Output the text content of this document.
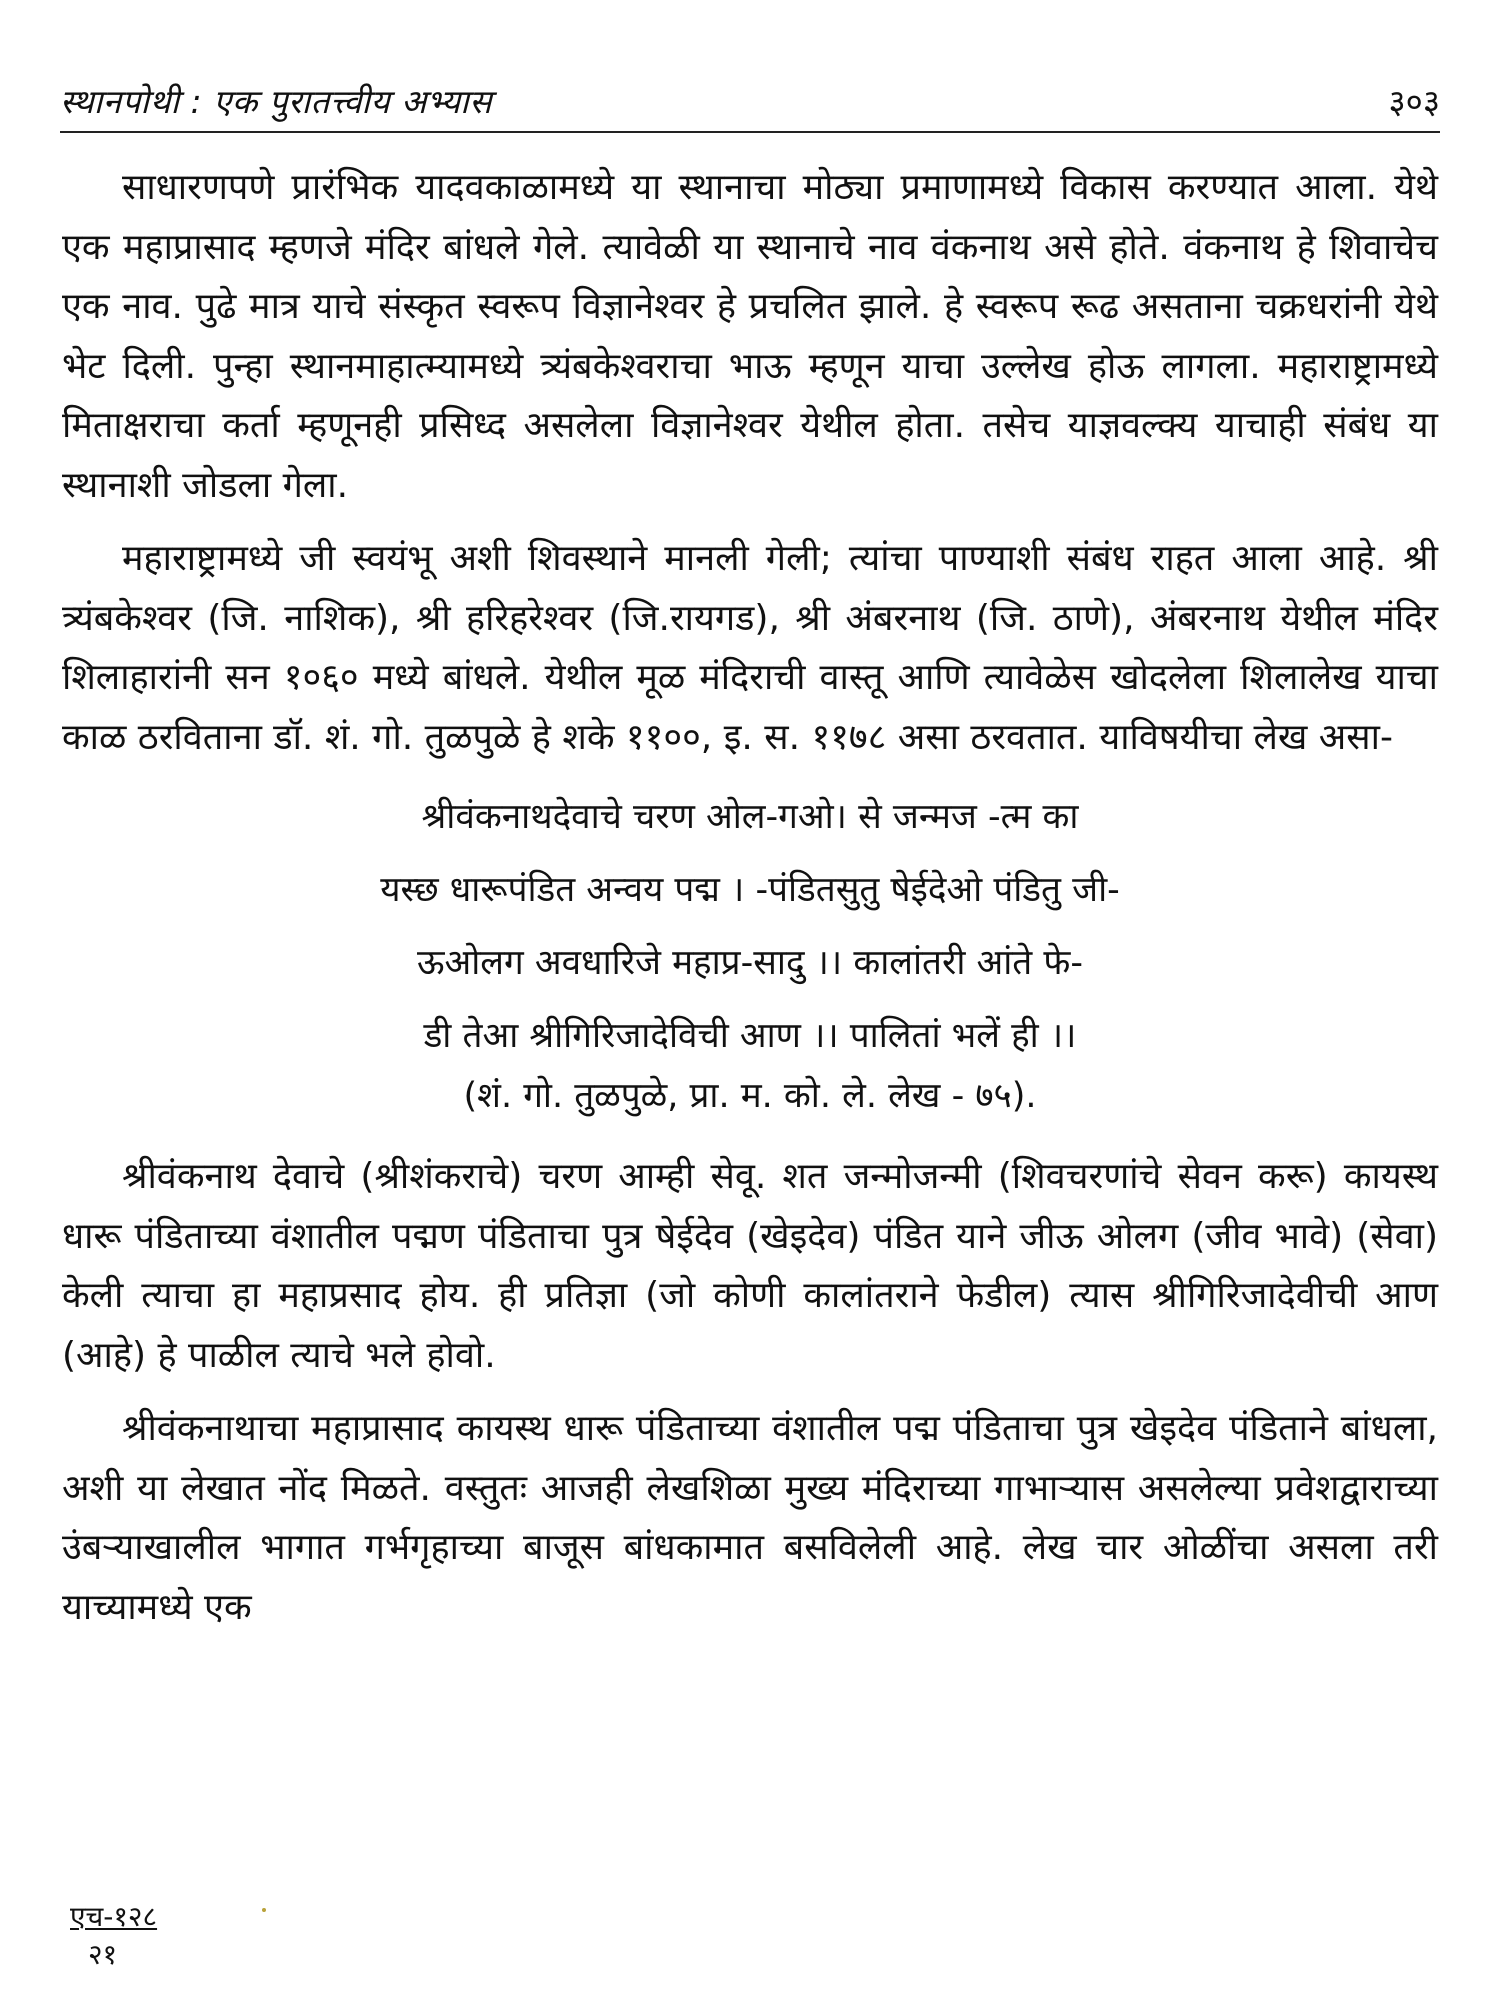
स्थानपोथी : एक पुरातत्त्वीय अभ्यास	३०३

साधारणपणे प्रारंभिक यादवकाळामध्ये या स्थानाचा मोठ्या प्रमाणामध्ये विकास करण्यात आला. येथे एक महाप्रासाद म्हणजे मंदिर बांधले गेले. त्यावेळी या स्थानाचे नाव वंकनाथ असे होते. वंकनाथ हे शिवाचेच एक नाव. पुढे मात्र याचे संस्कृत स्वरूप विज्ञानेश्वर हे प्रचलित झाले. हे स्वरूप रूढ असताना चक्रधरांनी येथे भेट दिली. पुन्हा स्थानमाहात्म्यामध्ये त्र्यंबकेश्वराचा भाऊ म्हणून याचा उल्लेख होऊ लागला. महाराष्ट्रामध्ये मिताक्षराचा कर्ता म्हणूनही प्रसिध्द असलेला विज्ञानेश्वर येथील होता. तसेच याज्ञवल्क्य याचाही संबंध या स्थानाशी जोडला गेला.

महाराष्ट्रामध्ये जी स्वयंभू अशी शिवस्थाने मानली गेली; त्यांचा पाण्याशी संबंध राहत आला आहे. श्री त्र्यंबकेश्वर (जि. नाशिक), श्री हरिहरेश्वर (जि.रायगड), श्री अंबरनाथ (जि. ठाणे), अंबरनाथ येथील मंदिर शिलाहारांनी सन १०६० मध्ये बांधले. येथील मूळ मंदिराची वास्तू आणि त्यावेळेस खोदलेला शिलालेख याचा काळ ठरविताना डॉ. शं. गो. तुळपुळे हे शके ११००, इ. स. ११७८ असा ठरवतात. याविषयीचा लेख असा-

श्रीवंकनाथदेवाचे चरण ओल-गओ। से जन्मज -त्म का
यस्छ धारूपंडित अन्वय पद्म । -पंडितसुतु षेईदेओ पंडितु जी-
ऊओलग अवधारिजे महाप्र-सादु ।। कालांतरी आंते फे-
डी तेआ श्रीगिरिजादेविची आण ।। पालितां भलें ही ।।
(शं. गो. तुळपुळे, प्रा. म. को. ले. लेख - ७५).

श्रीवंकनाथ देवाचे (श्रीशंकराचे) चरण आम्ही सेवू. शत जन्मोजन्मी (शिवचरणांचे सेवन करू) कायस्थ धारू पंडिताच्या वंशातील पद्मण पंडिताचा पुत्र षेईदेव (खेइदेव) पंडित याने जीऊ ओलग (जीव भावे) (सेवा) केली त्याचा हा महाप्रसाद होय. ही प्रतिज्ञा (जो कोणी कालांतराने फेडील) त्यास श्रीगिरिजादेवीची आण (आहे) हे पाळील त्याचे भले होवो.

श्रीवंकनाथाचा महाप्रासाद कायस्थ धारू पंडिताच्या वंशातील पद्म पंडिताचा पुत्र खेइदेव पंडिताने बांधला, अशी या लेखात नोंद मिळते. वस्तुतः आजही लेखशिळा मुख्य मंदिराच्या गाभाऱ्यास असलेल्या प्रवेशद्वाराच्या उंबऱ्याखालील भागात गर्भगृहाच्या बाजूस बांधकामात बसविलेली आहे. लेख चार ओळींचा असला तरी याच्यामध्ये एक

एच-१२८
२१
